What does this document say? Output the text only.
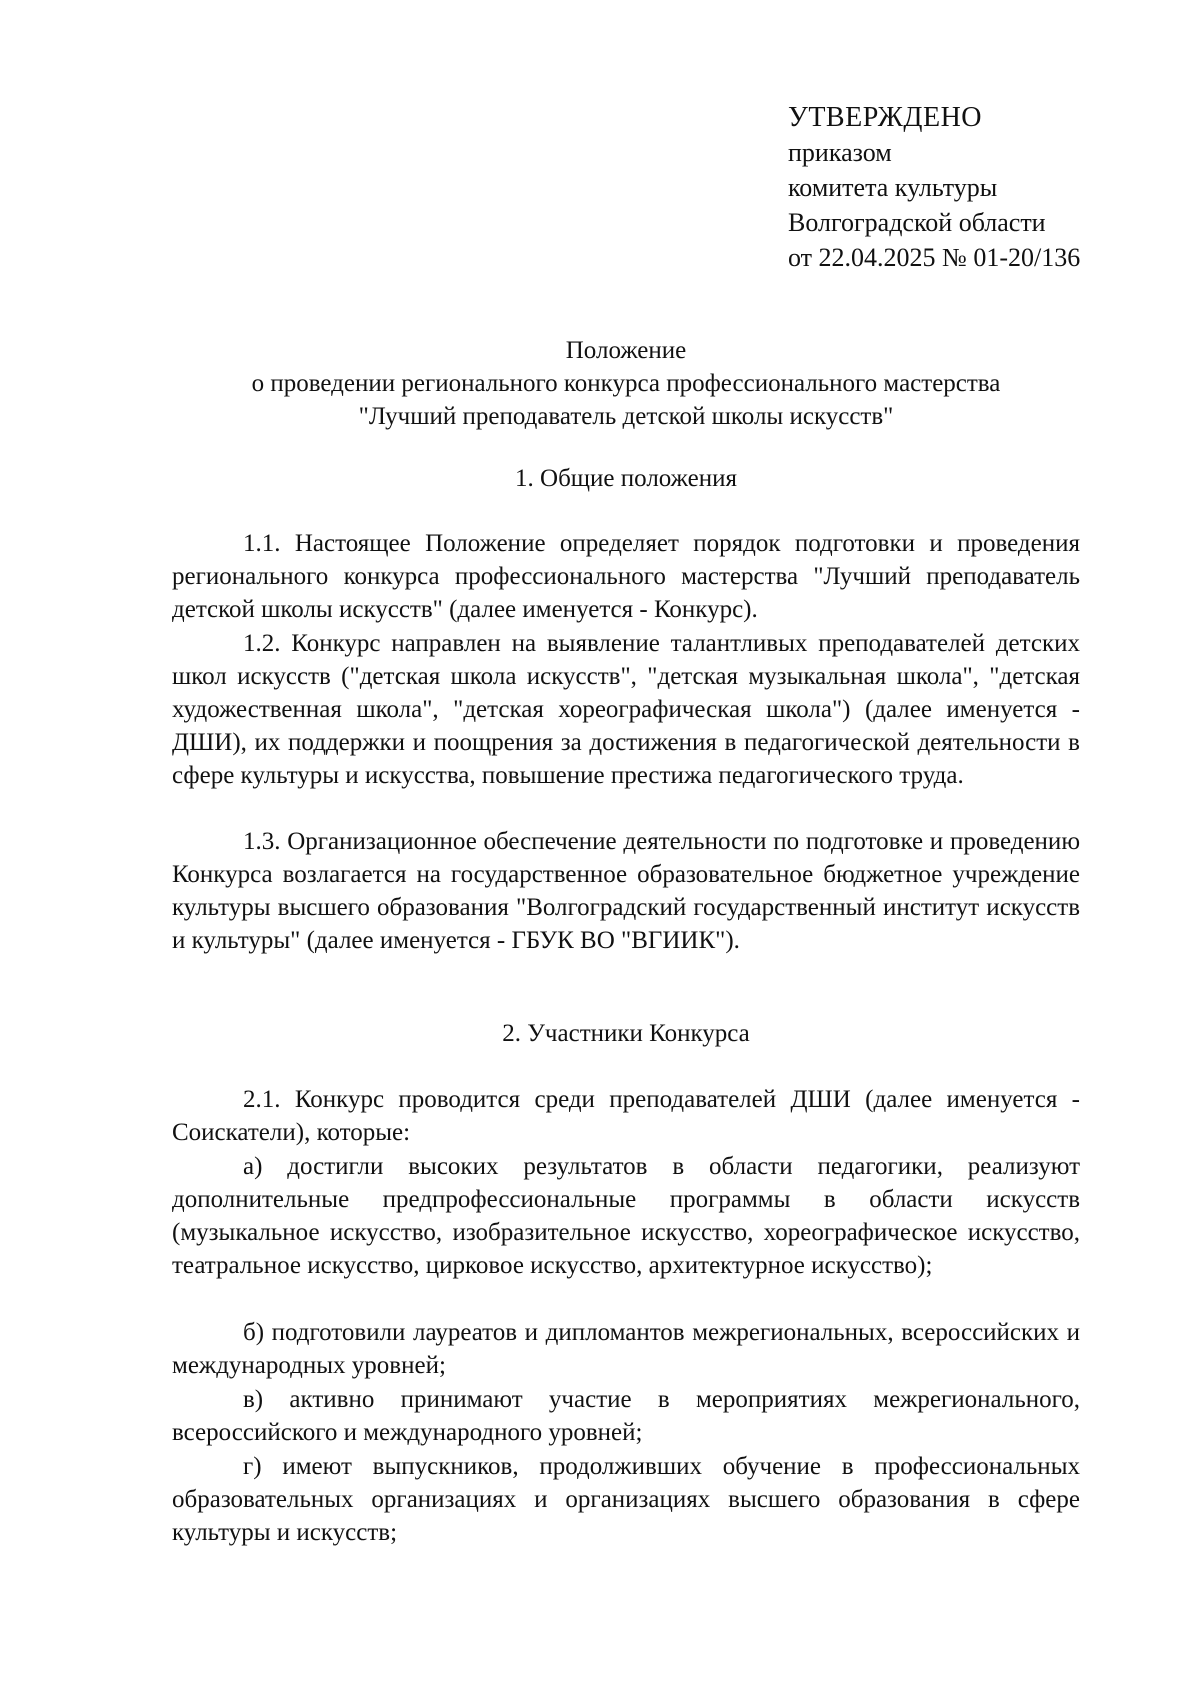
УТВЕРЖДЕНО
приказом
комитета культуры
Волгоградской области
от 22.04.2025 № 01-20/136
Положение
о проведении регионального конкурса профессионального мастерства
"Лучший преподаватель детской школы искусств"
1. Общие положения

1.1. Настоящее Положение определяет порядок подготовки и проведения регионального конкурса профессионального мастерства "Лучший преподаватель детской школы искусств" (далее именуется - Конкурс).

1.2. Конкурс направлен на выявление талантливых преподавателей детских школ искусств ("детская школа искусств", "детская музыкальная школа", "детская художественная школа", "детская хореографическая школа") (далее именуется - ДШИ), их поддержки и поощрения за достижения в педагогической деятельности в сфере культуры и искусства, повышение престижа педагогического труда.

1.3. Организационное обеспечение деятельности по подготовке и проведению Конкурса возлагается на государственное образовательное бюджетное учреждение культуры высшего образования "Волгоградский государственный институт искусств и культуры" (далее именуется - ГБУК ВО "ВГИИК").

2. Участники Конкурса

2.1. Конкурс проводится среди преподавателей ДШИ (далее именуется - Соискатели), которые:

а) достигли высоких результатов в области педагогики, реализуют дополнительные предпрофессиональные программы в области искусств (музыкальное искусство, изобразительное искусство, хореографическое искусство, театральное искусство, цирковое искусство, архитектурное искусство);

б) подготовили лауреатов и дипломантов межрегиональных, всероссийских и международных уровней;

в) активно принимают участие в мероприятиях межрегионального, всероссийского и международного уровней;

г) имеют выпускников, продолживших обучение в профессиональных образовательных организациях и организациях высшего образования в сфере культуры и искусств;
